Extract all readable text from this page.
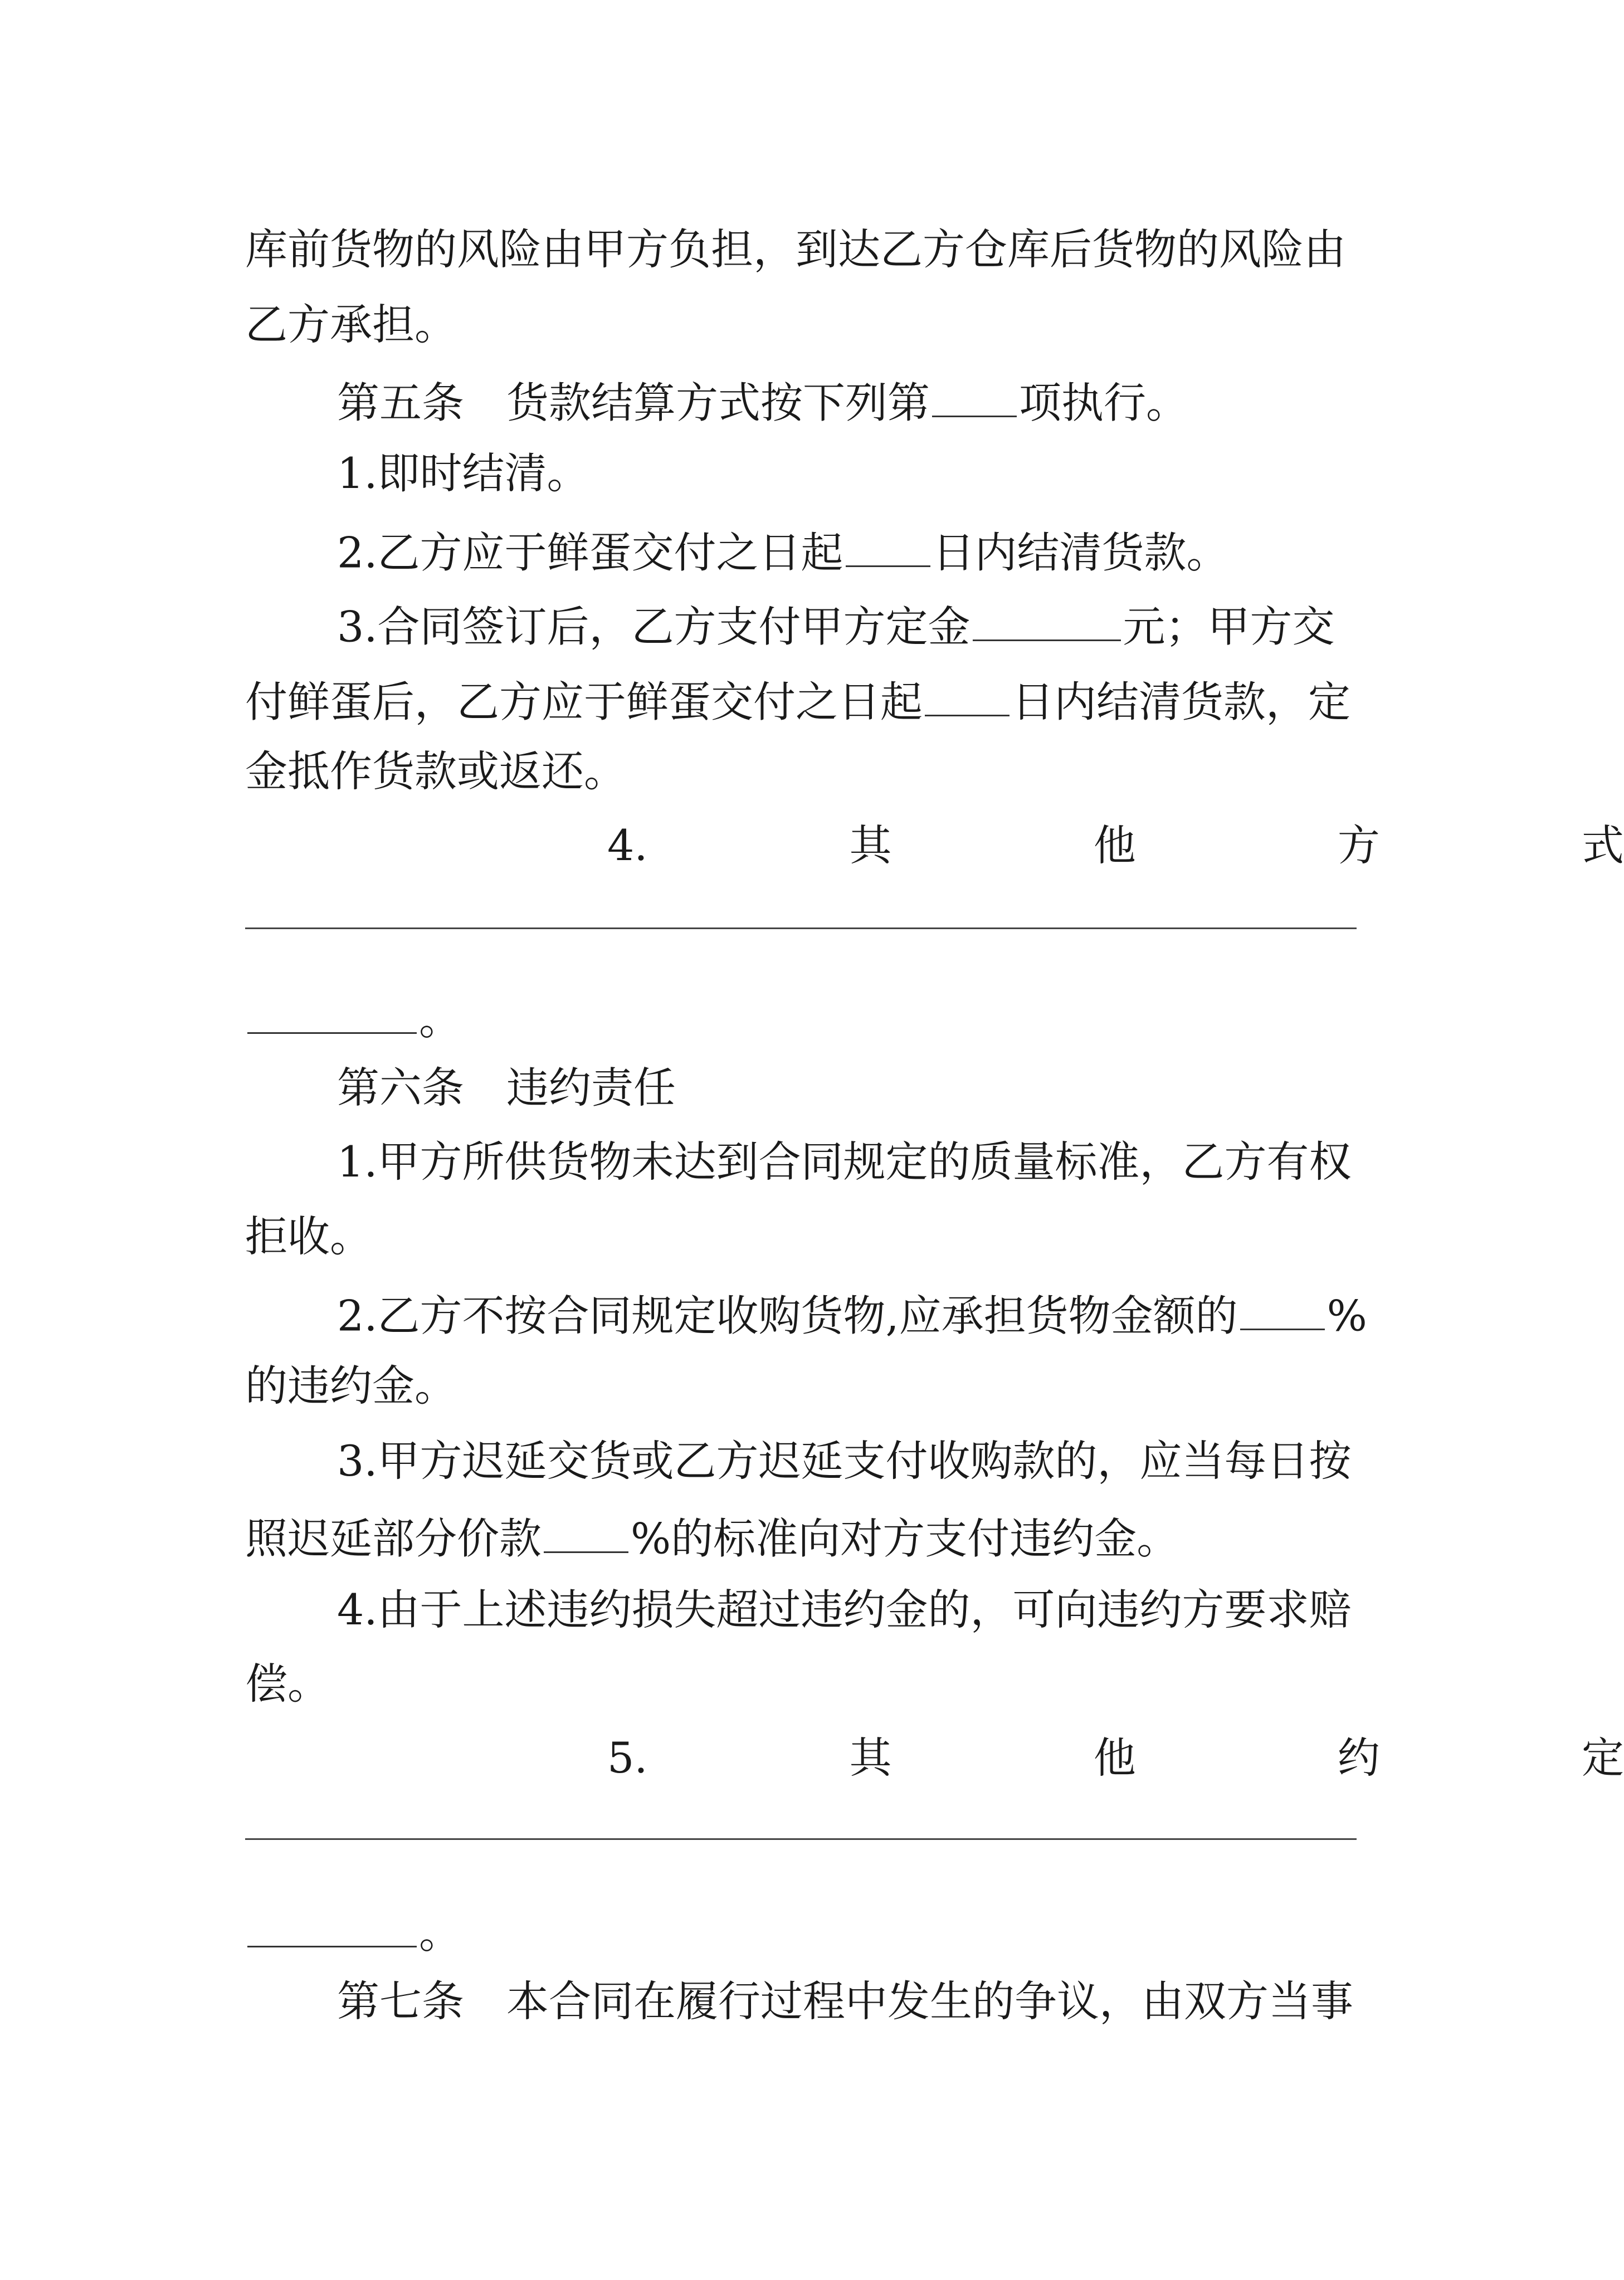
库前货物的风险由甲方负担，到达乙方仓库后货物的风险由
乙方承担。
第五条　货款结算方式按下列第 项执行。
1.即时结清。
2.乙方应于鲜蛋交付之日起 日内结清货款。
3.合同签订后，乙方支付甲方定金	元；甲方交
付鲜蛋后，乙方应于鲜蛋交付之日起 日内结清货款，定
金抵作货款或返还。
4.	其	他	方	式
。
第六条　违约责任
1.甲方所供货物未达到合同规定的质量标准，乙方有权
拒收。
2.乙方不按合同规定收购货物,应承担货物金额的 %
的违约金。
3.甲方迟延交货或乙方迟延支付收购款的，应当每日按
照迟延部分价款 %的标准向对方支付违约金。
4.由于上述违约损失超过违约金的，可向违约方要求赔
偿。
5.	其	他	约	定
。
第七条　本合同在履行过程中发生的争议，由双方当事
